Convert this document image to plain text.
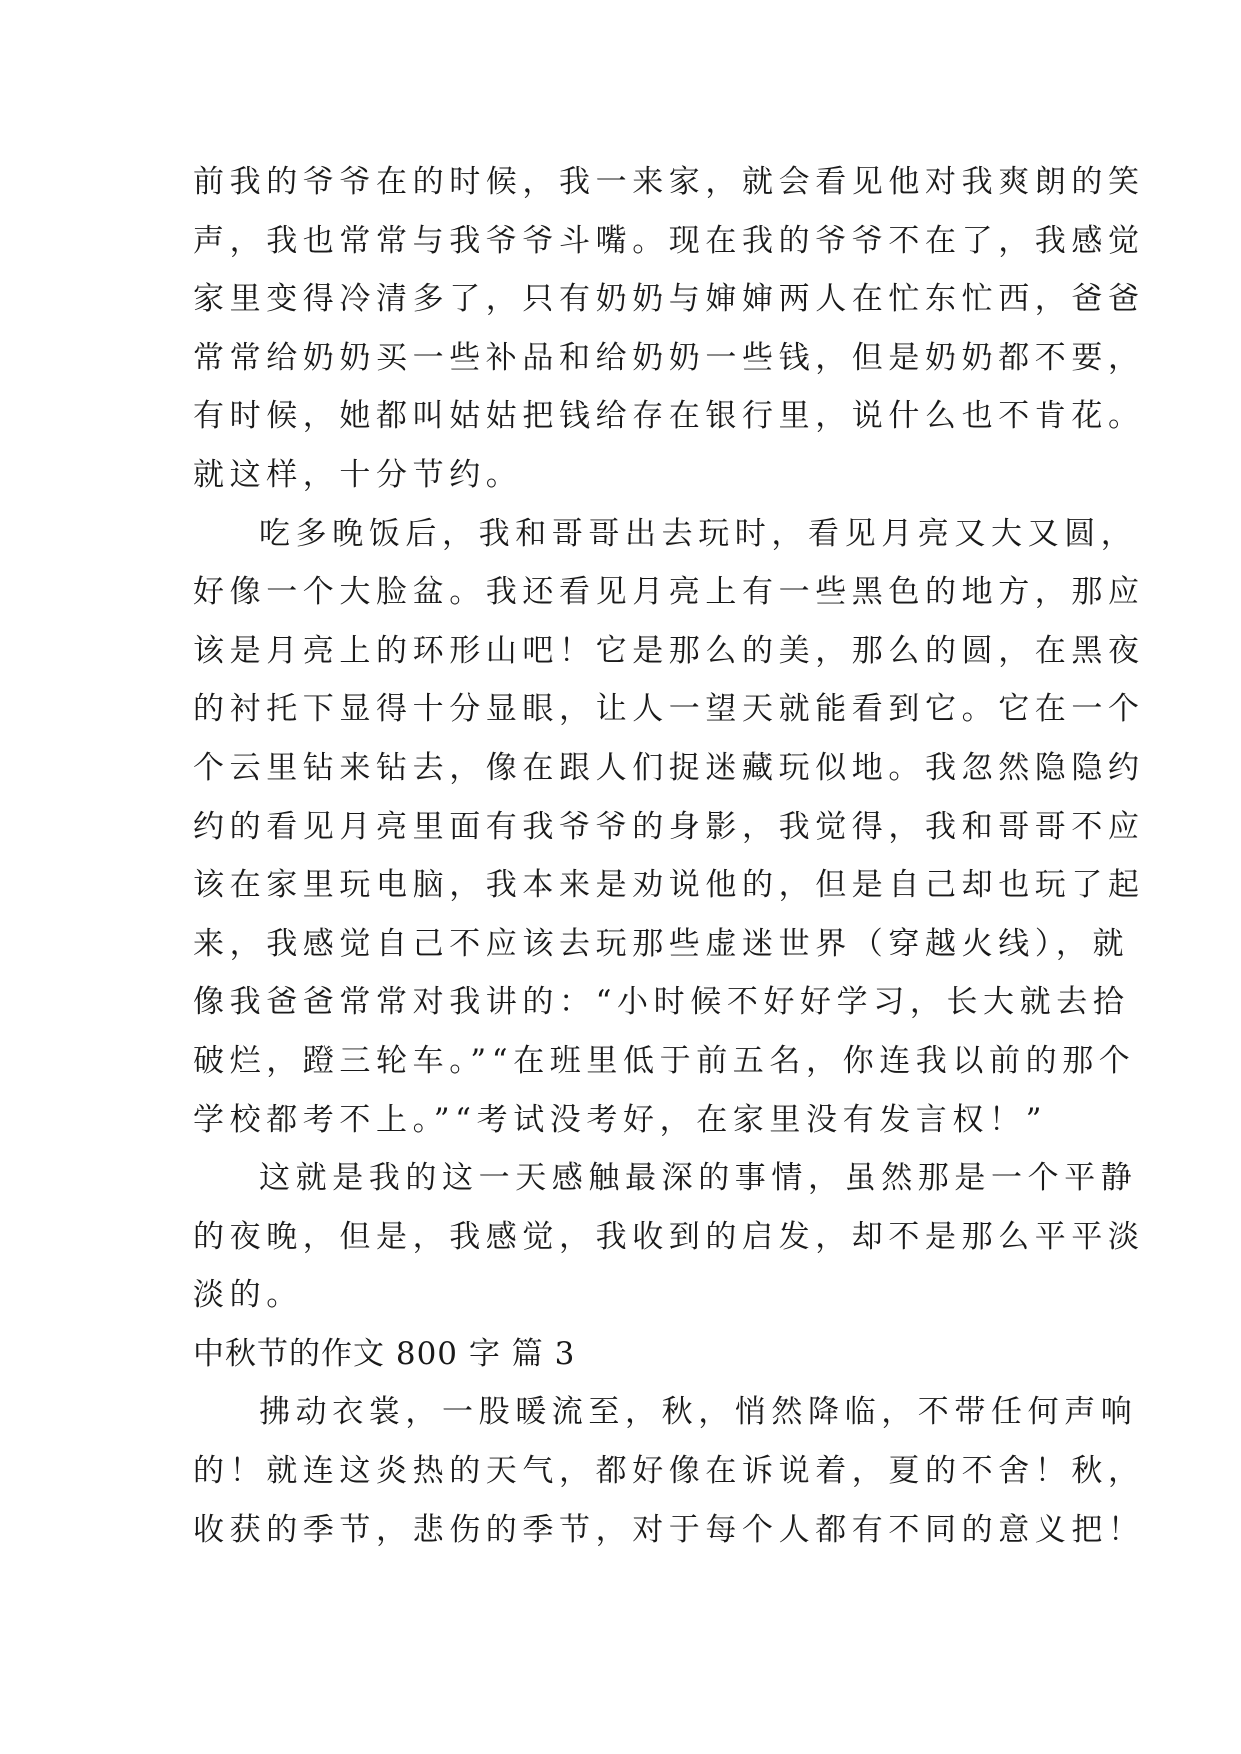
前我的爷爷在的时候，我一来家，就会看见他对我爽朗的笑
声，我也常常与我爷爷斗嘴。现在我的爷爷不在了，我感觉
家里变得冷清多了，只有奶奶与婶婶两人在忙东忙西，爸爸
常常给奶奶买一些补品和给奶奶一些钱，但是奶奶都不要，
有时候，她都叫姑姑把钱给存在银行里，说什么也不肯花。
就这样，十分节约。
吃多晚饭后，我和哥哥出去玩时，看见月亮又大又圆，
好像一个大脸盆。我还看见月亮上有一些黑色的地方，那应
该是月亮上的环形山吧！它是那么的美，那么的圆，在黑夜
的衬托下显得十分显眼，让人一望天就能看到它。它在一个
个云里钻来钻去，像在跟人们捉迷藏玩似地。我忽然隐隐约
约的看见月亮里面有我爷爷的身影，我觉得，我和哥哥不应
该在家里玩电脑，我本来是劝说他的，但是自己却也玩了起
来，我感觉自己不应该去玩那些虚迷世界（穿越火线），就
像我爸爸常常对我讲的：“小时候不好好学习，长大就去拾
破烂，蹬三轮车。”“在班里低于前五名，你连我以前的那个
学校都考不上。”“考试没考好，在家里没有发言权！”
这就是我的这一天感触最深的事情，虽然那是一个平静
的夜晚，但是，我感觉，我收到的启发，却不是那么平平淡
淡的。
中秋节的作文 800 字 篇 3
拂动衣裳，一股暖流至，秋，悄然降临，不带任何声响
的！就连这炎热的天气，都好像在诉说着，夏的不舍！秋，
收获的季节，悲伤的季节，对于每个人都有不同的意义把！
